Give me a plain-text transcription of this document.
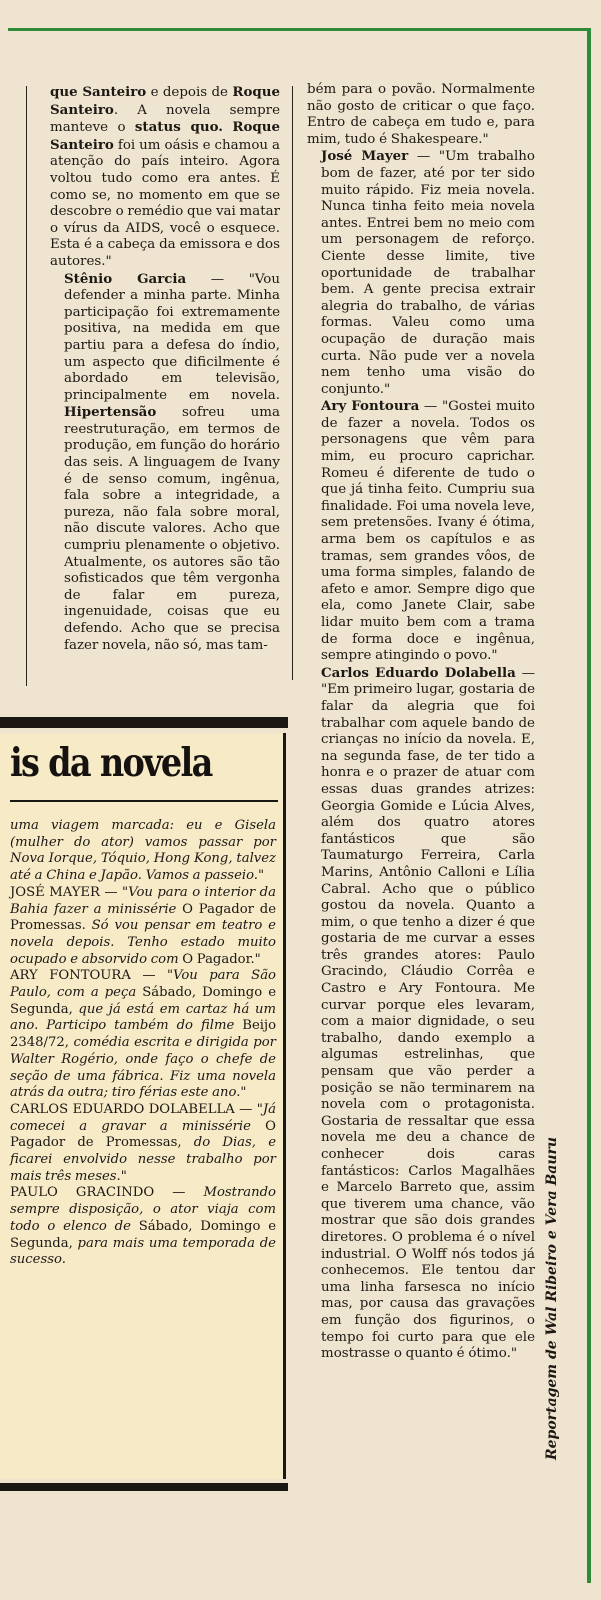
que Santeiro e depois de Roque Santeiro. A novela sempre manteve o status quo. Roque Santeiro foi um oásis e chamou a atenção do país inteiro. Agora voltou tudo como era antes. É como se, no momento em que se descobre o remédio que vai matar o vírus da AIDS, você o esquece. Esta é a cabeça da emissora e dos autores."

Stênio Garcia — "Vou defender a minha parte. Minha participação foi extremamente positiva, na medida em que partiu para a defesa do índio, um aspecto que dificilmente é abordado em televisão, principalmente em novela. Hipertensão sofreu uma reestruturação, em termos de produção, em função do horário das seis. A linguagem de Ivany é de senso comum, ingênua, fala sobre a integridade, a pureza, não fala sobre moral, não discute valores. Acho que cumpriu plenamente o objetivo. Atualmente, os autores são tão sofisticados que têm vergonha de falar em pureza, ingenuidade, coisas que eu defendo. Acho que se precisa fazer novela, não só, mas tam-

bém para o povão. Normalmente não gosto de criticar o que faço. Entro de cabeça em tudo e, para mim, tudo é Shakespeare."

José Mayer — "Um trabalho bom de fazer, até por ter sido muito rápido. Fiz meia novela. Nunca tinha feito meia novela antes. Entrei bem no meio com um personagem de reforço. Ciente desse limite, tive oportunidade de trabalhar bem. A gente precisa extrair alegria do trabalho, de várias formas. Valeu como uma ocupação de duração mais curta. Não pude ver a novela nem tenho uma visão do conjunto."

Ary Fontoura — "Gostei muito de fazer a novela. Todos os personagens que vêm para mim, eu procuro caprichar. Romeu é diferente de tudo o que já tinha feito. Cumpriu sua finalidade. Foi uma novela leve, sem pretensões. Ivany é ótima, arma bem os capítulos e as tramas, sem grandes vôos, de uma forma simples, falando de afeto e amor. Sempre digo que ela, como Janete Clair, sabe lidar muito bem com a trama de forma doce e ingênua, sempre atingindo o povo."

Carlos Eduardo Dolabella — "Em primeiro lugar, gostaria de falar da alegria que foi trabalhar com aquele bando de crianças no início da novela. E, na segunda fase, de ter tido a honra e o prazer de atuar com essas duas grandes atrizes: Georgia Gomide e Lúcia Alves, além dos quatro atores fantásticos que são Taumaturgo Ferreira, Carla Marins, Antônio Calloni e Lília Cabral. Acho que o público gostou da novela. Quanto a mim, o que tenho a dizer é que gostaria de me curvar a esses três grandes atores: Paulo Gracindo, Cláudio Corrêa e Castro e Ary Fontoura. Me curvar porque eles levaram, com a maior dignidade, o seu trabalho, dando exemplo a algumas estrelinhas, que pensam que vão perder a posição se não terminarem na novela com o protagonista. Gostaria de ressaltar que essa novela me deu a chance de conhecer dois caras fantásticos: Carlos Magalhães e Marcelo Barreto que, assim que tiverem uma chance, vão mostrar que são dois grandes diretores. O problema é o nível industrial. O Wolff nós todos já conhecemos. Ele tentou dar uma linha farsesca no início mas, por causa das gravações em função dos figurinos, o tempo foi curto para que ele mostrasse o quanto é ótimo."

is da novela

uma viagem marcada: eu e Gisela (mulher do ator) vamos passar por Nova Iorque, Tóquio, Hong Kong, talvez até a China e Japão. Vamos a passeio."

JOSÉ MAYER — "Vou para o interior da Bahia fazer a minissérie O Pagador de Promessas. Só vou pensar em teatro e novela depois. Tenho estado muito ocupado e absorvido com O Pagador."

ARY FONTOURA — "Vou para São Paulo, com a peça Sábado, Domingo e Segunda, que já está em cartaz há um ano. Participo também do filme Beijo 2348/72, comédia escrita e dirigida por Walter Rogério, onde faço o chefe de seção de uma fábrica. Fiz uma novela atrás da outra; tiro férias este ano."

CARLOS EDUARDO DOLABELLA — "Já comecei a gravar a minissérie O Pagador de Promessas, do Dias, e ficarei envolvido nesse trabalho por mais três meses."

PAULO GRACINDO — Mostrando sempre disposição, o ator viaja com todo o elenco de Sábado, Domingo e Segunda, para mais uma temporada de sucesso.	Reportagem de Wal Ribeiro e Vera Bauru
